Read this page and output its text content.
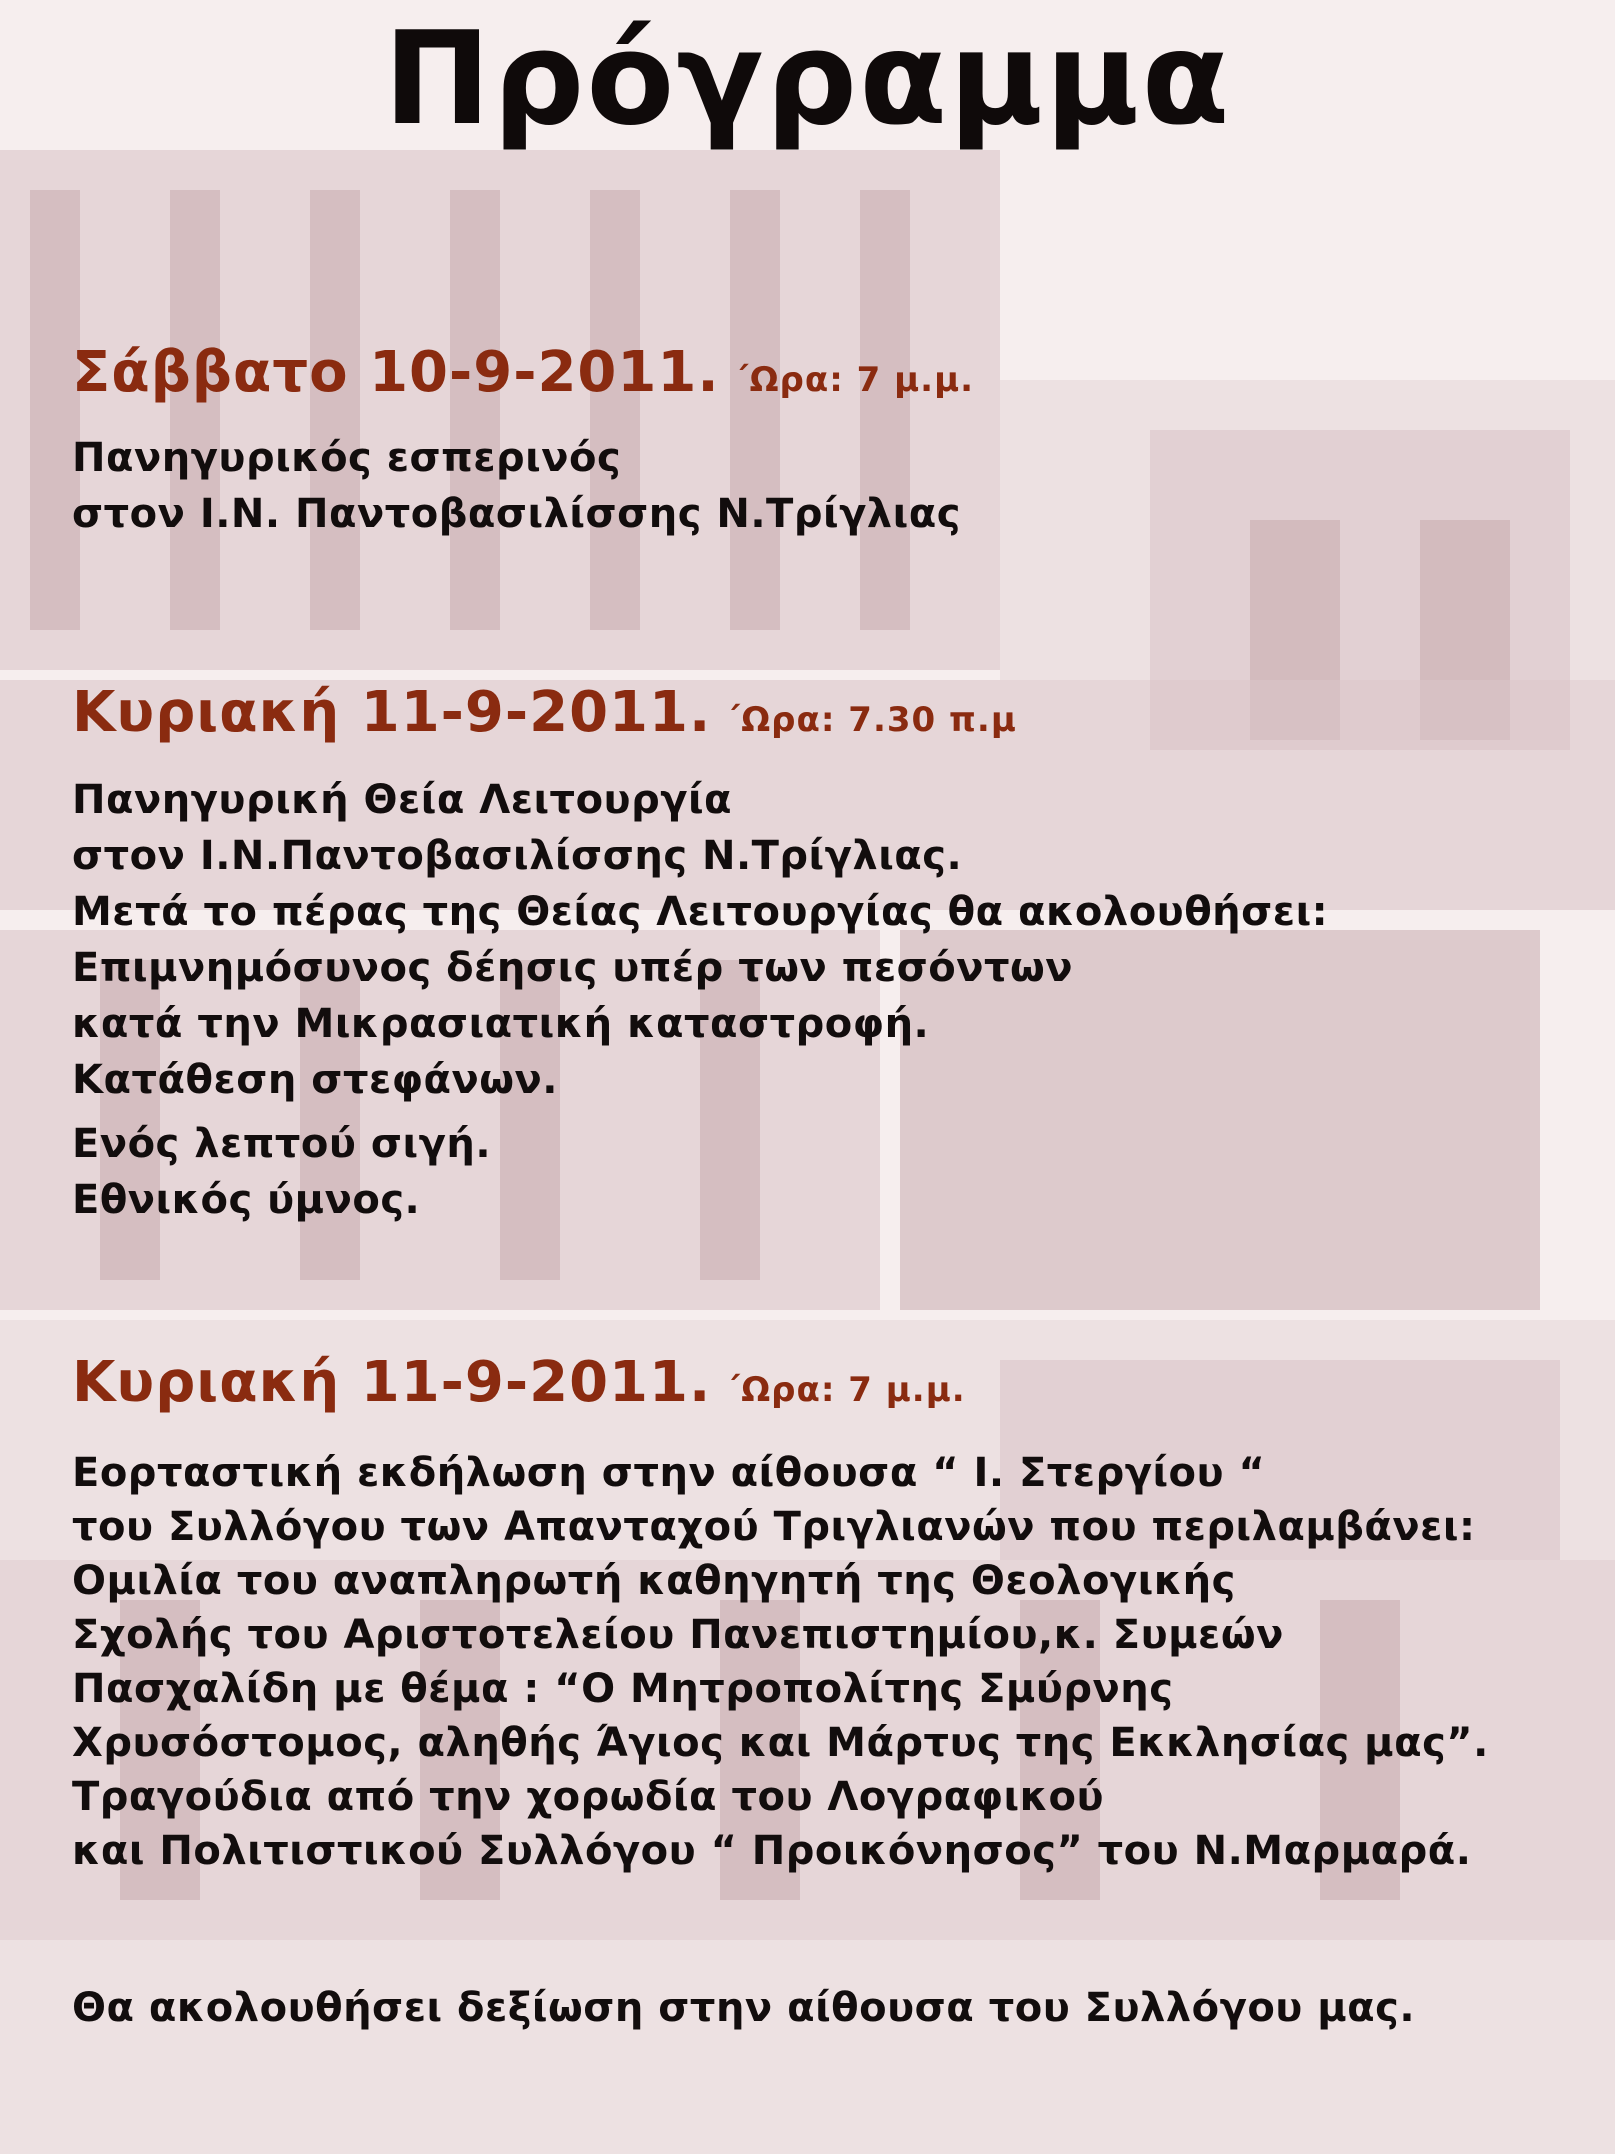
Πρόγραμμα
Σάββατο 10-9-2011. ΄Ωρα: 7 μ.μ.
Πανηγυρικός εσπερινός
στον Ι.Ν. Παντοβασιλίσσης Ν.Τρίγλιας
Κυριακή 11-9-2011. ΄Ωρα: 7.30 π.μ
Πανηγυρική Θεία Λειτουργία
στον Ι.Ν.Παντοβασιλίσσης Ν.Τρίγλιας.
Μετά το πέρας της Θείας Λειτουργίας θα ακολουθήσει:
Επιμνημόσυνος δέησις υπέρ των πεσόντων
κατά την Μικρασιατική καταστροφή.
Κατάθεση στεφάνων.
Ενός λεπτού σιγή.
Εθνικός ύμνος.
Κυριακή 11-9-2011. ΄Ωρα: 7 μ.μ.
Εορταστική εκδήλωση στην αίθουσα “ Ι. Στεργίου “
του Συλλόγου των Απανταχού Τριγλιανών που περιλαμβάνει:
Ομιλία του αναπληρωτή καθηγητή της Θεολογικής
Σχολής του Αριστοτελείου Πανεπιστημίου,κ. Συμεών
Πασχαλίδη με θέμα : “Ο Μητροπολίτης Σμύρνης
Χρυσόστομος, αληθής Άγιος και Μάρτυς της Εκκλησίας μας”.
Τραγούδια από την χορωδία του Λογραφικού
και Πολιτιστικού Συλλόγου “ Προικόνησος” του Ν.Μαρμαρά.
Θα ακολουθήσει δεξίωση στην αίθουσα του Συλλόγου μας.
